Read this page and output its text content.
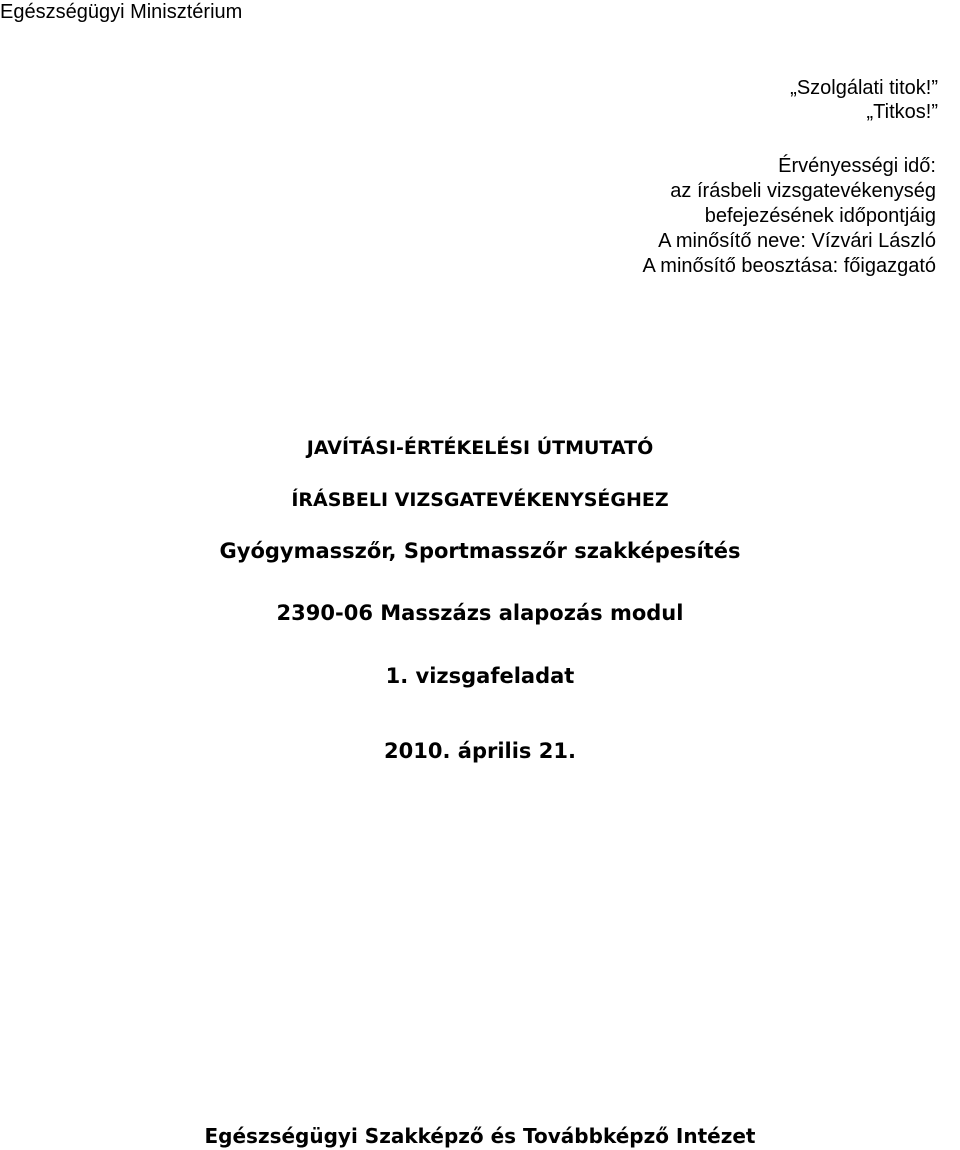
Egészségügyi Minisztérium
„Szolgálati titok!”
„Titkos!”
Érvényességi idő:
az írásbeli vizsgatevékenység
befejezésének időpontjáig
A minősítő neve: Vízvári László
A minősítő beosztása: főigazgató
JAVÍTÁSI-ÉRTÉKELÉSI ÚTMUTATÓ
ÍRÁSBELI VIZSGATEVÉKENYSÉGHEZ
Gyógymasszőr, Sportmasszőr szakképesítés
2390-06 Masszázs alapozás modul
1. vizsgafeladat
2010. április 21.
Egészségügyi Szakképző és Továbbképző Intézet
